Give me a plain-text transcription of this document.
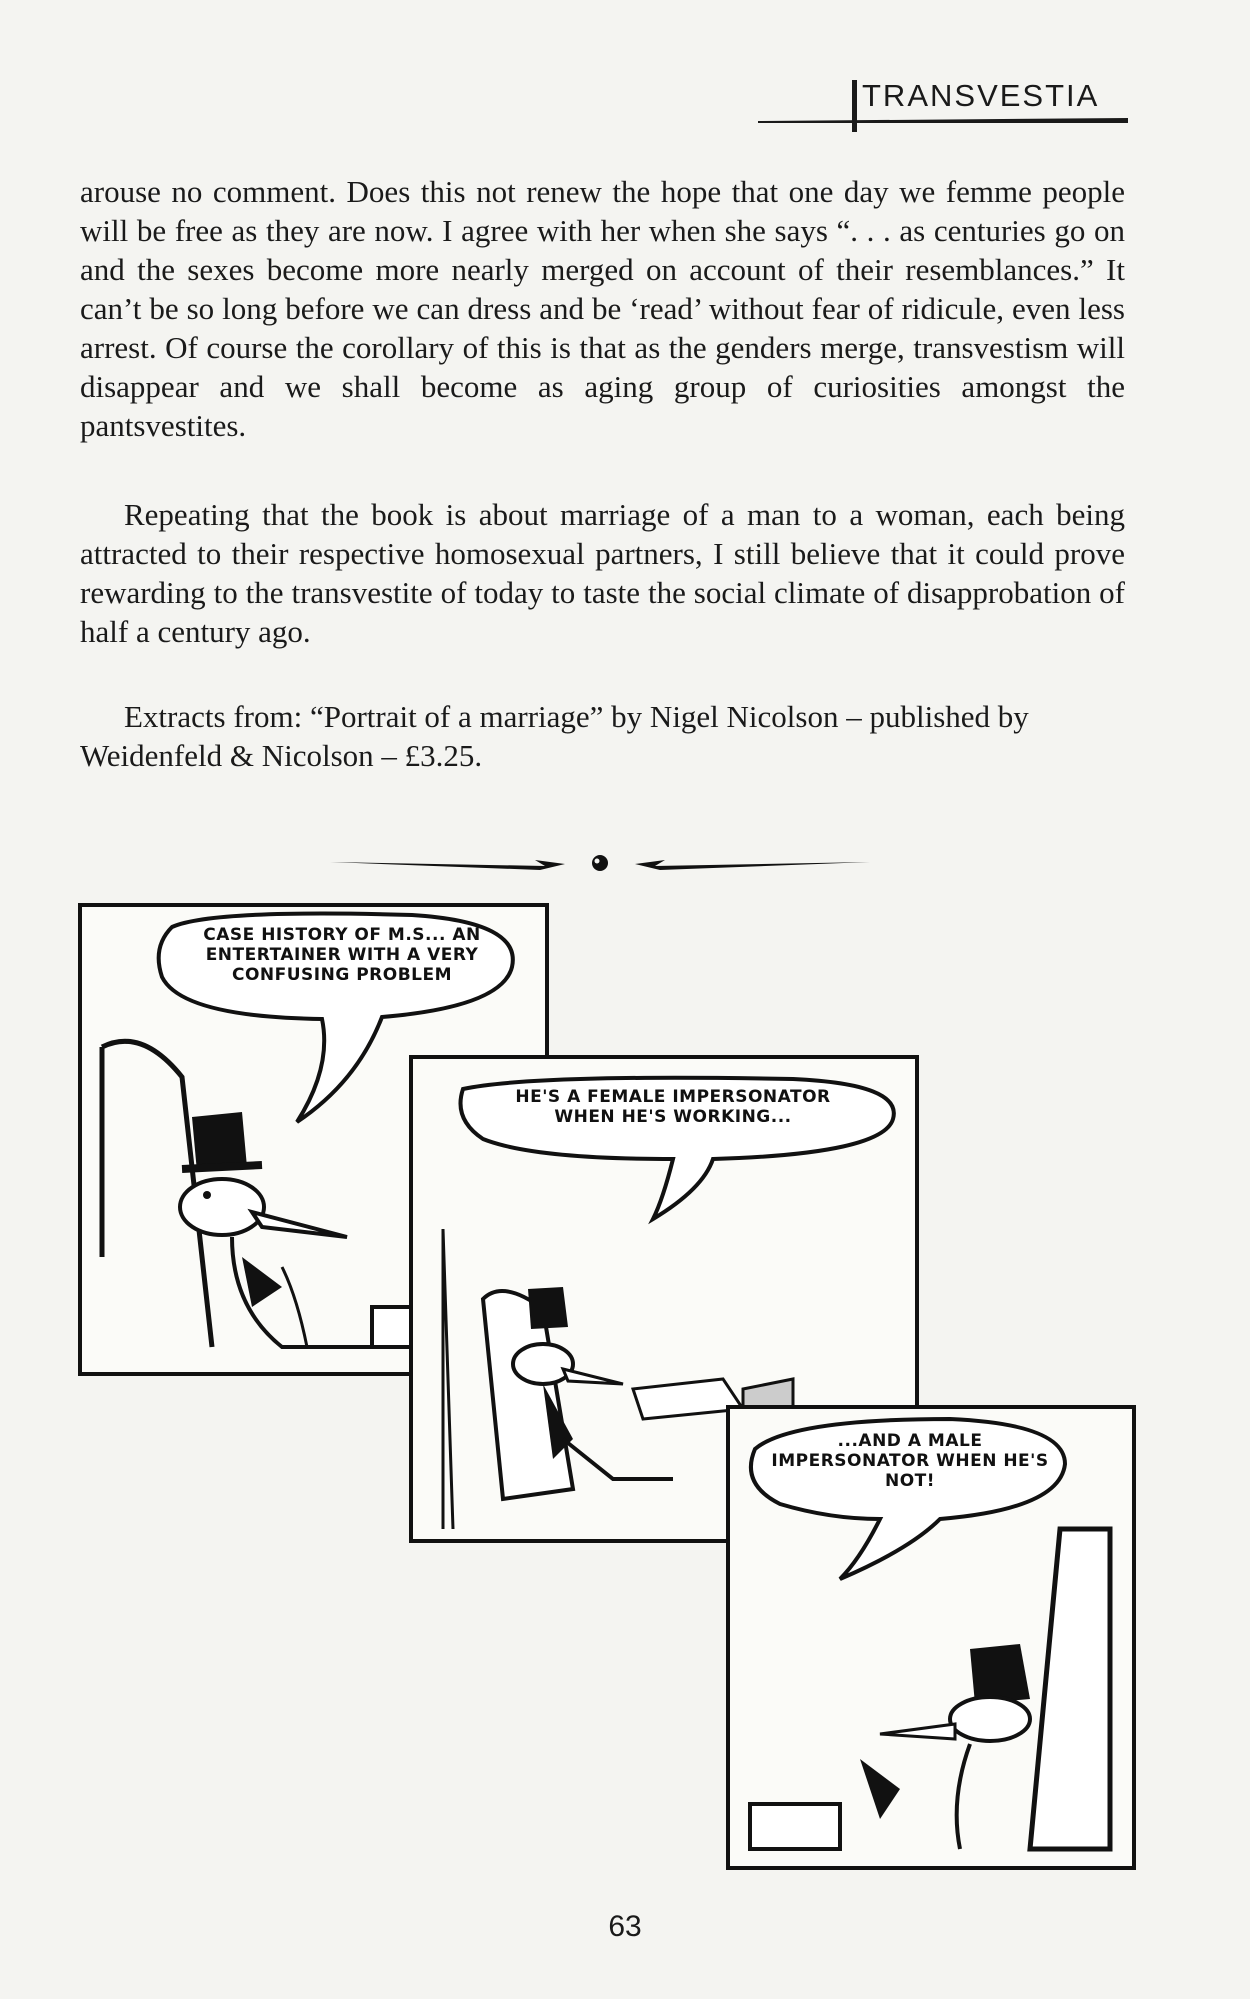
TRANSVESTIA
arouse no comment. Does this not renew the hope that one day we femme people will be free as they are now. I agree with her when she says “. . . as centuries go on and the sexes become more nearly merged on account of their resemblances.” It can’t be so long before we can dress and be ‘read’ without fear of ridicule, even less arrest. Of course the corollary of this is that as the genders merge, transvestism will disappear and we shall become as aging group of curiosities amongst the pantsvestites.
Repeating that the book is about marriage of a man to a woman, each being attracted to their respective homosexual partners, I still believe that it could prove rewarding to the transvestite of today to taste the social climate of disapprobation of half a century ago.
Extracts from: “Portrait of a marriage” by Nigel Nicolson – published by Weidenfeld & Nicolson – £3.25.
CASE HISTORY OF M.S... AN ENTERTAINER WITH A VERY CONFUSING PROBLEM
HE'S A FEMALE IMPERSONATOR WHEN HE'S WORKING...
...AND A MALE IMPERSONATOR WHEN HE'S NOT!
63
